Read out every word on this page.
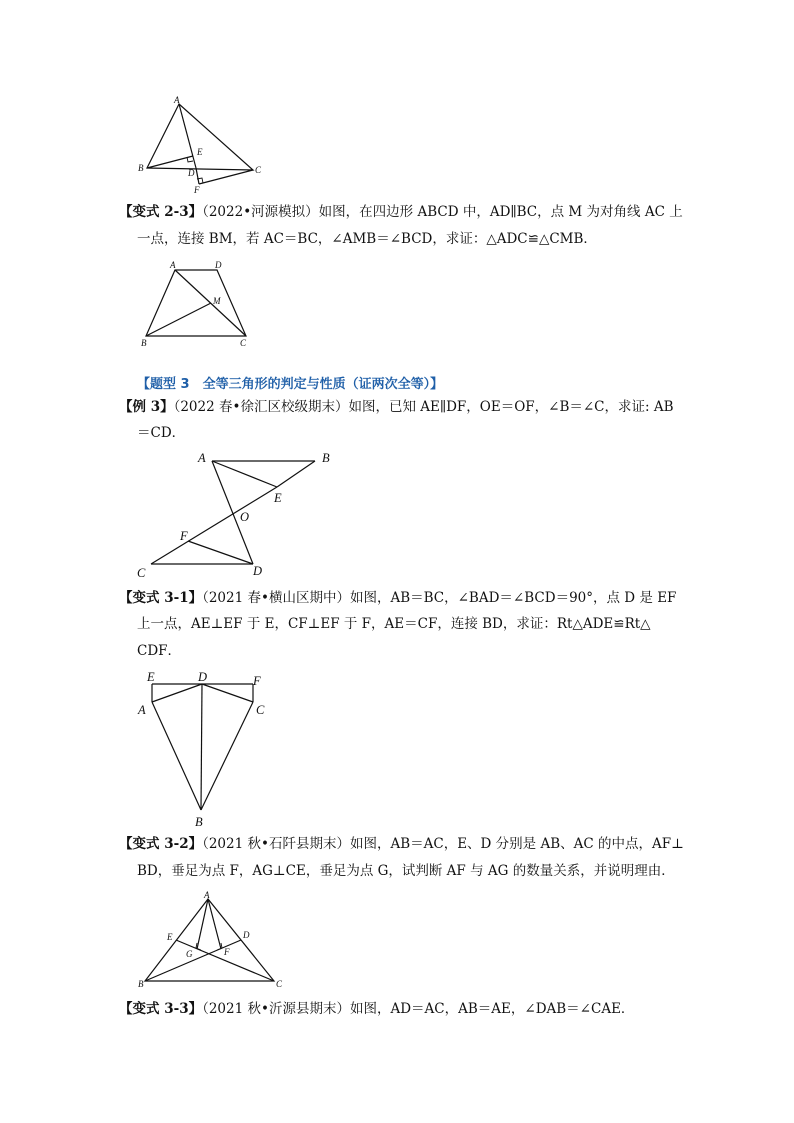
A
B	C
D
E
F
【变式 2-3】（2022•河源模拟）如图，在四边形 ABCD 中，AD∥BC，点 M 为对角线 AC 上
一点，连接 BM，若 AC＝BC，∠AMB＝∠BCD，求证：△ADC≌△CMB．
A	D
M
B	C
【题型 3　全等三角形的判定与性质（证两次全等）】
【例 3】（2022 春•徐汇区校级期末）如图，已知 AE∥DF，OE＝OF，∠B＝∠C，求证: AB
＝CD．
A	B
E
O
F
C	D
【变式 3-1】（2021 春•横山区期中）如图，AB＝BC，∠BAD＝∠BCD＝90°，点 D 是 EF
上一点，AE⊥EF 于 E，CF⊥EF 于 F，AE＝CF，连接 BD，求证：Rt△ADE≌Rt△
CDF．
E	D	F
A	C
B
【变式 3-2】（2021 秋•石阡县期末）如图，AB＝AC，E、D 分别是 AB、AC 的中点，AF⊥
BD，垂足为点 F，AG⊥CE，垂足为点 G，试判断 AF 与 AG 的数量关系，并说明理由．
A
E	D
G	F
B	C
【变式 3-3】（2021 秋•沂源县期末）如图，AD＝AC，AB＝AE，∠DAB＝∠CAE．
